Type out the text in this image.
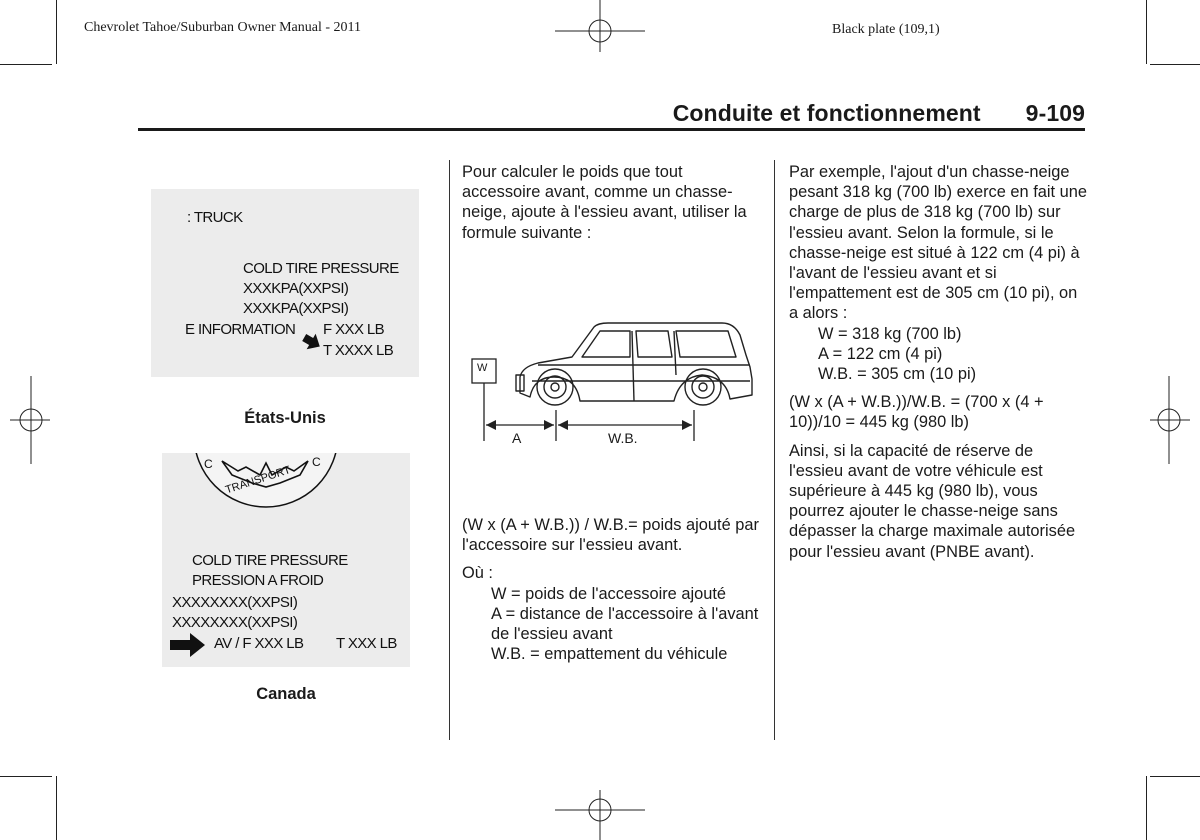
Chevrolet Tahoe/Suburban Owner Manual - 2011	Black plate (109,1)
Conduite et fonctionnement 9-109
: TRUCK
COLD TIRE PRESSURE
XXXKPA(XXPSI)
XXXKPA(XXPSI)
E INFORMATION F XXX LB
T XXXX LB
États-Unis
C	C
TRANSPORT
COLD TIRE PRESSURE
PRESSION A FROID
XXXXXXXX(XXPSI)
XXXXXXXX(XXPSI)
AV / F XXX LB T XXX LB
Canada
Pour calculer le poids que tout accessoire avant, comme un chasse-neige, ajoute à l'essieu avant, utiliser la formule suivante :
W
A	W.B.

(W x (A + W.B.)) / W.B.= poids ajouté par l'accessoire sur l'essieu avant.

Où :
W = poids de l'accessoire ajouté
A = distance de l'accessoire à l'avant de l'essieu avant
W.B. = empattement du véhicule
Par exemple, l'ajout d'un chasse-neige pesant 318 kg (700 lb) exerce en fait une charge de plus de 318 kg (700 lb) sur l'essieu avant. Selon la formule, si le chasse-neige est situé à 122 cm (4 pi) à l'avant de l'essieu avant et si l'empattement est de 305 cm (10 pi), on a alors :
W = 318 kg (700 lb)
A = 122 cm (4 pi)
W.B. = 305 cm (10 pi)

(W x (A + W.B.))/W.B. = (700 x (4 + 10))/10 = 445 kg (980 lb)

Ainsi, si la capacité de réserve de l'essieu avant de votre véhicule est supérieure à 445 kg (980 lb), vous pourrez ajouter le chasse-neige sans dépasser la charge maximale autorisée pour l'essieu avant (PNBE avant).
